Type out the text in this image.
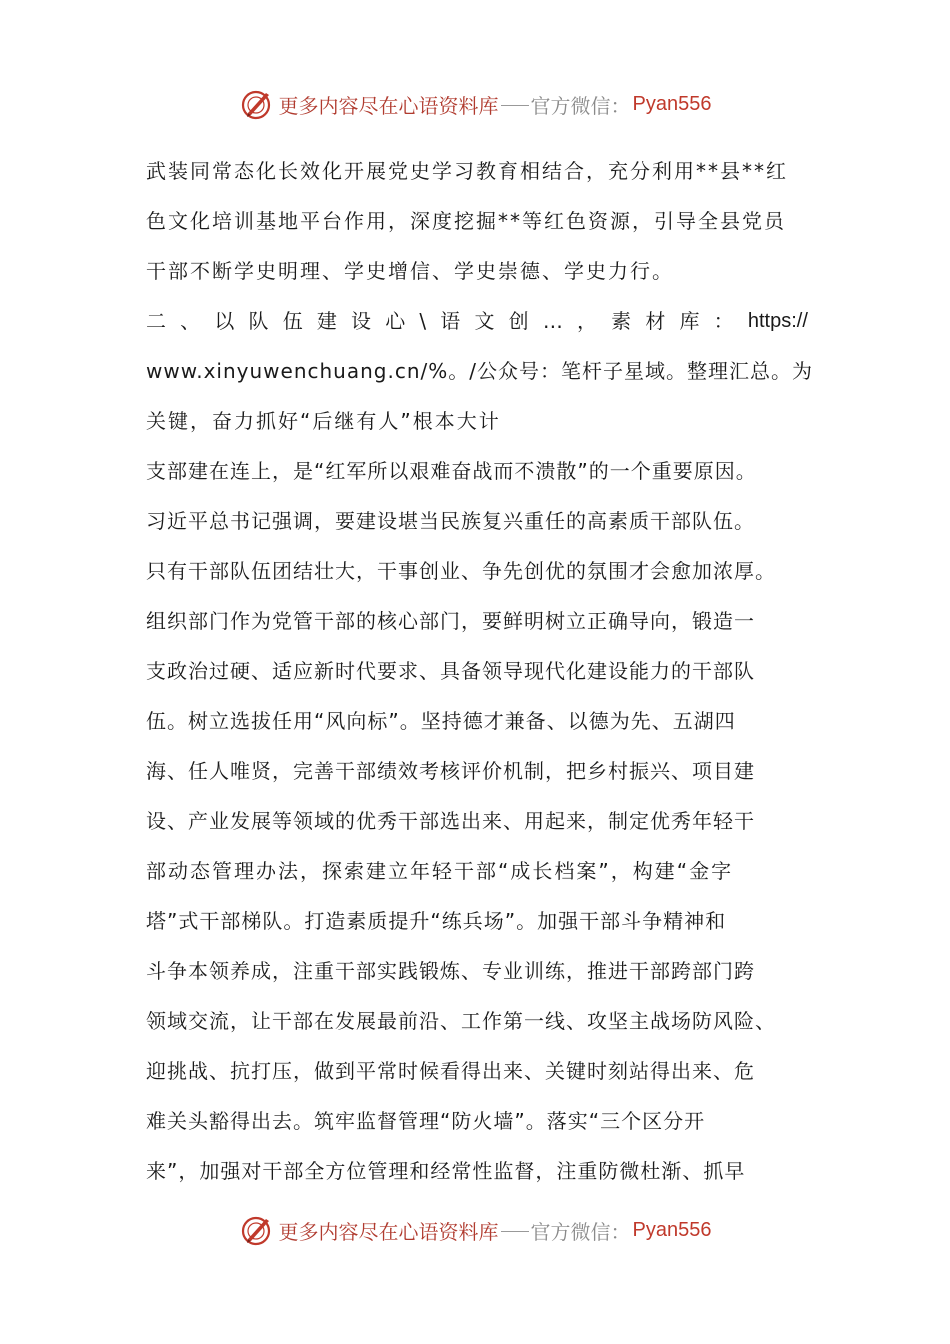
更多内容尽在心语资料库 官方微信： Pyan556
武装同常态化长效化开展党史学习教育相结合，充分利用**县**红
色文化培训基地平台作用，深度挖掘**等红色资源，引导全县党员
干部不断学史明理、学史增信、学史崇德、学史力行。
二 、 以 队 伍 建 设 心 \ 语 文 创 … ， 素 材 库 ： https://
www.xinyuwenchuang.cn/%。/公众号：笔杆子星域。整理汇总。为
关键，奋力抓好“后继有人”根本大计
支部建在连上，是“红军所以艰难奋战而不溃散”的一个重要原因。
习近平总书记强调，要建设堪当民族复兴重任的高素质干部队伍。
只有干部队伍团结壮大，干事创业、争先创优的氛围才会愈加浓厚。
组织部门作为党管干部的核心部门，要鲜明树立正确导向，锻造一
支政治过硬、适应新时代要求、具备领导现代化建设能力的干部队
伍。树立选拔任用“风向标”。坚持德才兼备、以德为先、五湖四
海、任人唯贤，完善干部绩效考核评价机制，把乡村振兴、项目建
设、产业发展等领域的优秀干部选出来、用起来，制定优秀年轻干
部动态管理办法，探索建立年轻干部“成长档案”，构建“金字
塔”式干部梯队。打造素质提升“练兵场”。加强干部斗争精神和
斗争本领养成，注重干部实践锻炼、专业训练，推进干部跨部门跨
领域交流，让干部在发展最前沿、工作第一线、攻坚主战场防风险、
迎挑战、抗打压，做到平常时候看得出来、关键时刻站得出来、危
难关头豁得出去。筑牢监督管理“防火墙”。落实“三个区分开
来”，加强对干部全方位管理和经常性监督，注重防微杜渐、抓早
更多内容尽在心语资料库 官方微信： Pyan556
